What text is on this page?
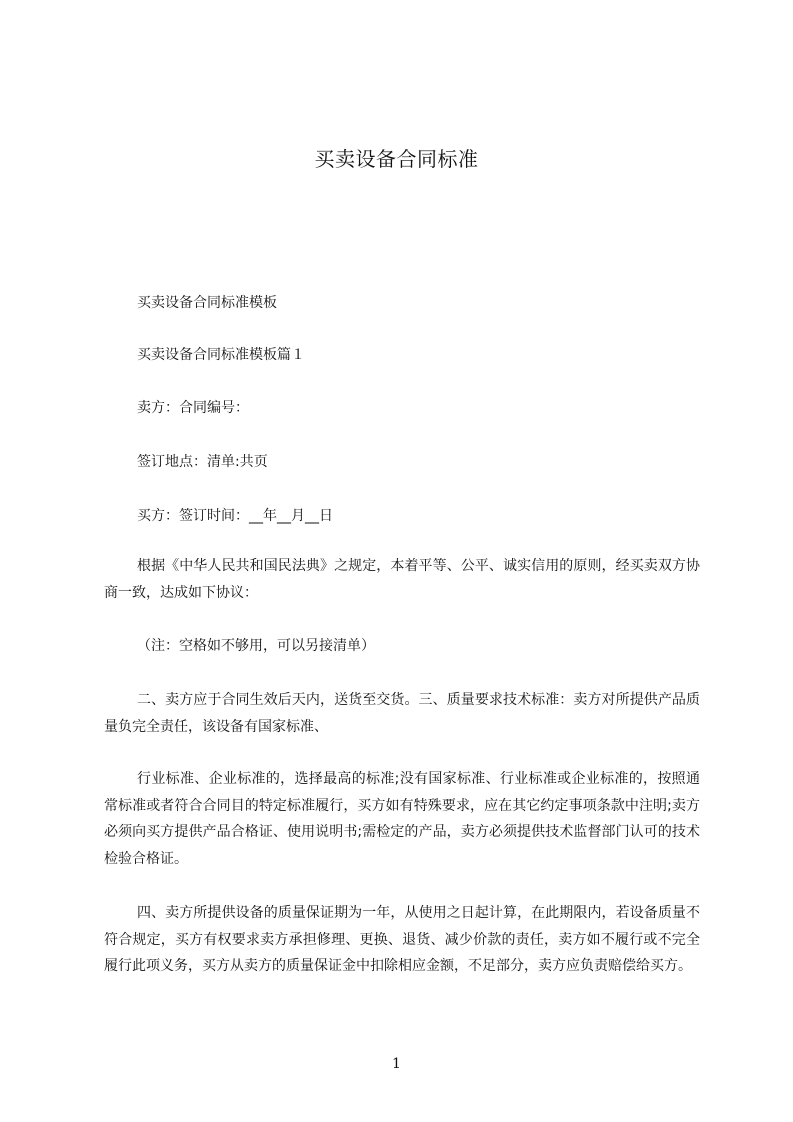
买卖设备合同标准
买卖设备合同标准模板
买卖设备合同标准模板篇１
卖方：合同编号：
签订地点：清单:共页
买方：签订时间：__年__月__日

根据《中华人民共和国民法典》之规定，本着平等、公平、诚实信用的原则，经买卖双方协商一致，达成如下协议：

（注：空格如不够用，可以另接清单）

二、卖方应于合同生效后天内，送货至交货。三、质量要求技术标准：卖方对所提供产品质量负完全责任，该设备有国家标准、

行业标准、企业标准的，选择最高的标准;没有国家标准、行业标准或企业标准的，按照通常标准或者符合合同目的特定标准履行，买方如有特殊要求，应在其它约定事项条款中注明;卖方必须向买方提供产品合格证、使用说明书;需检定的产品，卖方必须提供技术监督部门认可的技术检验合格证。

四、卖方所提供设备的质量保证期为一年，从使用之日起计算，在此期限内，若设备质量不符合规定，买方有权要求卖方承担修理、更换、退货、减少价款的责任，卖方如不履行或不完全履行此项义务，买方从卖方的质量保证金中扣除相应金额，不足部分，卖方应负责赔偿给买方。

1
